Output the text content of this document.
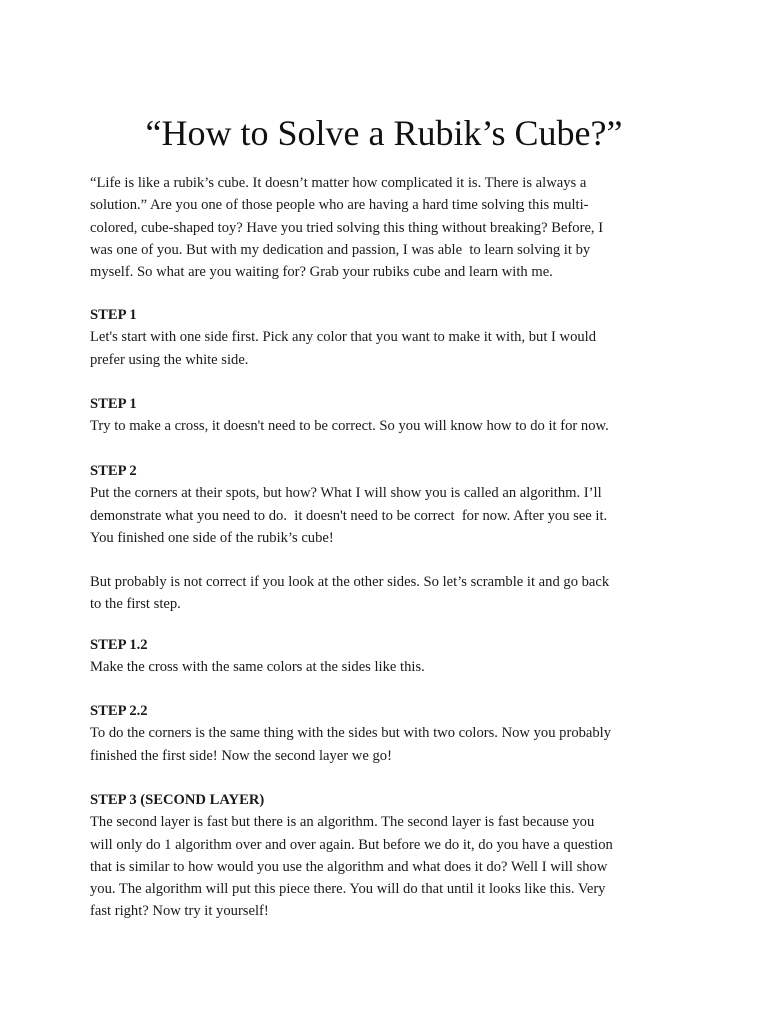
“How to Solve a Rubik’s Cube?”
“Life is like a rubik’s cube. It doesn’t matter how complicated it is. There is always a
solution.” Are you one of those people who are having a hard time solving this multi-
colored, cube-shaped toy? Have you tried solving this thing without breaking? Before, I
was one of you. But with my dedication and passion, I was able  to learn solving it by
myself. So what are you waiting for? Grab your rubiks cube and learn with me.
STEP 1
Let's start with one side first. Pick any color that you want to make it with, but I would
prefer using the white side.
STEP 1
Try to make a cross, it doesn't need to be correct. So you will know how to do it for now.
STEP 2
Put the corners at their spots, but how? What I will show you is called an algorithm. I’ll
demonstrate what you need to do.  it doesn't need to be correct  for now. After you see it.
You finished one side of the rubik’s cube!
But probably is not correct if you look at the other sides. So let’s scramble it and go back
to the first step.
STEP 1.2
Make the cross with the same colors at the sides like this.
STEP 2.2
To do the corners is the same thing with the sides but with two colors. Now you probably
finished the first side! Now the second layer we go!
STEP 3 (SECOND LAYER)
The second layer is fast but there is an algorithm. The second layer is fast because you
will only do 1 algorithm over and over again. But before we do it, do you have a question
that is similar to how would you use the algorithm and what does it do? Well I will show
you. The algorithm will put this piece there. You will do that until it looks like this. Very
fast right? Now try it yourself!
